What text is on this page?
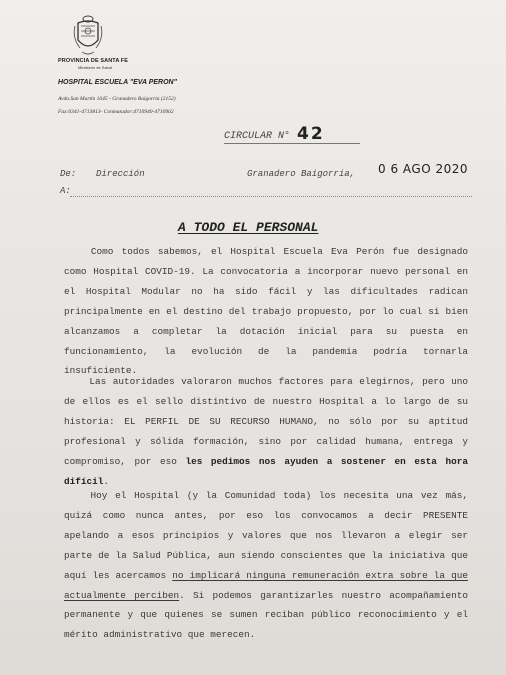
PROVINCIA DE SANTA FE
Ministerio de Salud
HOSPITAL ESCUELA "EVA PERON"
Avda.San Martín 1645 - Granadero Baigorria (2152)
Fax:0341-4713813- Conmutador:4710940-4710962
CIRCULAR N° 42
De: Dirección	Granadero Baigorria, 0 6 AGO 2020
A:
A TODO EL PERSONAL

   Como todos sabemos, el Hospital Escuela Eva Perón fue designado como Hospital COVID-19. La convocatoria a incorporar nuevo personal en el Hospital Modular no ha sido fácil y las dificultades radican principalmente en el destino del trabajo propuesto, por lo cual si bien alcanzamos a completar la dotación inicial para su puesta en funcionamiento, la evolución de la pandemia podría tornarla insuficiente.

   Las autoridades valoraron muchos factores para elegirnos, pero uno de ellos es el sello distintivo de nuestro Hospital a lo largo de su historia: EL PERFIL DE SU RECURSO HUMANO, no sólo por su aptitud profesional y sólida formación, sino por calidad humana, entrega y compromiso, por eso les pedimos nos ayuden a sostener en esta hora difícil.

   Hoy el Hospital (y la Comunidad toda) los necesita una vez más, quizá como nunca antes, por eso los convocamos a decir PRESENTE apelando a esos principios y valores que nos llevaron a elegir ser parte de la Salud Pública, aun siendo conscientes que la iniciativa que aquí les acercamos no implicará ninguna remuneración extra sobre la que actualmente perciben. Si podemos garantizarles nuestro acompañamiento permanente y que quienes se sumen reciban público reconocimiento y el mérito administrativo que merecen.
